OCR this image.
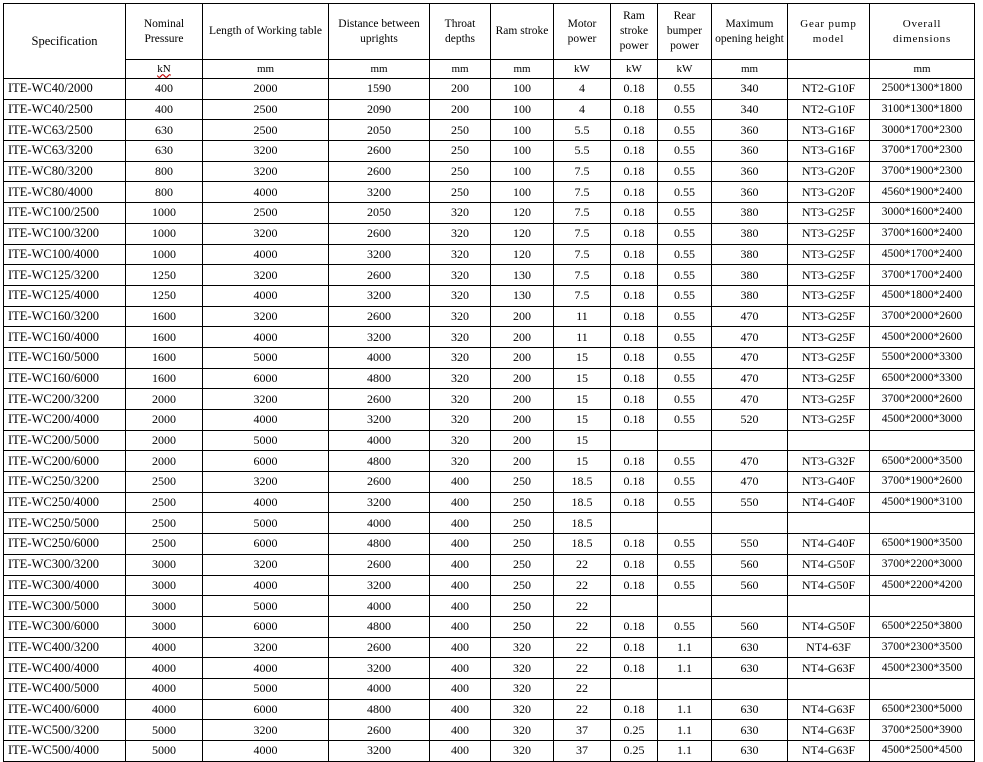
Specification	Nominal Pressure	Length of Working table	Distance between uprights	Throat depths	Ram stroke	Motor power	Ram stroke power	Rear bumper power	Maximum opening height	Gear pump model	Overall dimensions
	kN	mm	mm	mm	mm	kW	kW	kW	mm		mm
ITE-WC40/2000	400	2000	1590	200	100	4	0.18	0.55	340	NT2-G10F	2500*1300*1800
ITE-WC40/2500	400	2500	2090	200	100	4	0.18	0.55	340	NT2-G10F	3100*1300*1800
ITE-WC63/2500	630	2500	2050	250	100	5.5	0.18	0.55	360	NT3-G16F	3000*1700*2300
ITE-WC63/3200	630	3200	2600	250	100	5.5	0.18	0.55	360	NT3-G16F	3700*1700*2300
ITE-WC80/3200	800	3200	2600	250	100	7.5	0.18	0.55	360	NT3-G20F	3700*1900*2300
ITE-WC80/4000	800	4000	3200	250	100	7.5	0.18	0.55	360	NT3-G20F	4560*1900*2400
ITE-WC100/2500	1000	2500	2050	320	120	7.5	0.18	0.55	380	NT3-G25F	3000*1600*2400
ITE-WC100/3200	1000	3200	2600	320	120	7.5	0.18	0.55	380	NT3-G25F	3700*1600*2400
ITE-WC100/4000	1000	4000	3200	320	120	7.5	0.18	0.55	380	NT3-G25F	4500*1700*2400
ITE-WC125/3200	1250	3200	2600	320	130	7.5	0.18	0.55	380	NT3-G25F	3700*1700*2400
ITE-WC125/4000	1250	4000	3200	320	130	7.5	0.18	0.55	380	NT3-G25F	4500*1800*2400
ITE-WC160/3200	1600	3200	2600	320	200	11	0.18	0.55	470	NT3-G25F	3700*2000*2600
ITE-WC160/4000	1600	4000	3200	320	200	11	0.18	0.55	470	NT3-G25F	4500*2000*2600
ITE-WC160/5000	1600	5000	4000	320	200	15	0.18	0.55	470	NT3-G25F	5500*2000*3300
ITE-WC160/6000	1600	6000	4800	320	200	15	0.18	0.55	470	NT3-G25F	6500*2000*3300
ITE-WC200/3200	2000	3200	2600	320	200	15	0.18	0.55	470	NT3-G25F	3700*2000*2600
ITE-WC200/4000	2000	4000	3200	320	200	15	0.18	0.55	520	NT3-G25F	4500*2000*3000
ITE-WC200/5000	2000	5000	4000	320	200	15					
ITE-WC200/6000	2000	6000	4800	320	200	15	0.18	0.55	470	NT3-G32F	6500*2000*3500
ITE-WC250/3200	2500	3200	2600	400	250	18.5	0.18	0.55	470	NT3-G40F	3700*1900*2600
ITE-WC250/4000	2500	4000	3200	400	250	18.5	0.18	0.55	550	NT4-G40F	4500*1900*3100
ITE-WC250/5000	2500	5000	4000	400	250	18.5					
ITE-WC250/6000	2500	6000	4800	400	250	18.5	0.18	0.55	550	NT4-G40F	6500*1900*3500
ITE-WC300/3200	3000	3200	2600	400	250	22	0.18	0.55	560	NT4-G50F	3700*2200*3000
ITE-WC300/4000	3000	4000	3200	400	250	22	0.18	0.55	560	NT4-G50F	4500*2200*4200
ITE-WC300/5000	3000	5000	4000	400	250	22					
ITE-WC300/6000	3000	6000	4800	400	250	22	0.18	0.55	560	NT4-G50F	6500*2250*3800
ITE-WC400/3200	4000	3200	2600	400	320	22	0.18	1.1	630	NT4-63F	3700*2300*3500
ITE-WC400/4000	4000	4000	3200	400	320	22	0.18	1.1	630	NT4-G63F	4500*2300*3500
ITE-WC400/5000	4000	5000	4000	400	320	22					
ITE-WC400/6000	4000	6000	4800	400	320	22	0.18	1.1	630	NT4-G63F	6500*2300*5000
ITE-WC500/3200	5000	3200	2600	400	320	37	0.25	1.1	630	NT4-G63F	3700*2500*3900
ITE-WC500/4000	5000	4000	3200	400	320	37	0.25	1.1	630	NT4-G63F	4500*2500*4500
